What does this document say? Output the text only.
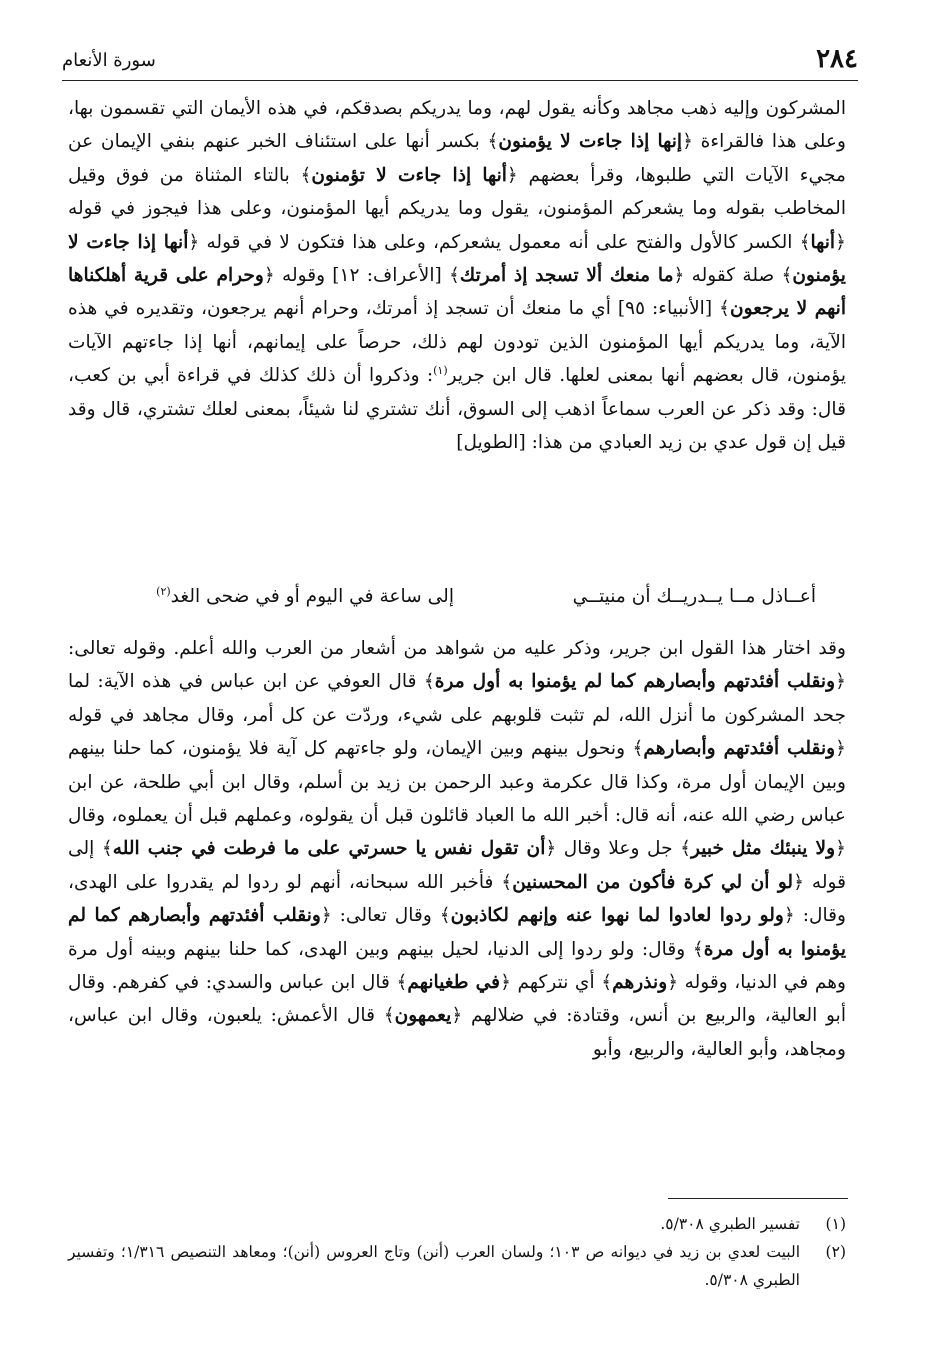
٢٨٤
سورة الأنعام
المشركون وإليه ذهب مجاهد وكأنه يقول لهم، وما يدريكم بصدقكم، في هذه الأيمان التي تقسمون بها، وعلى هذا فالقراءة ﴿إنها إذا جاءت لا يؤمنون﴾ بكسر أنها على استئناف الخبر عنهم بنفي الإيمان عن مجيء الآيات التي طلبوها، وقرأ بعضهم ﴿أنها إذا جاءت لا تؤمنون﴾ بالتاء المثناة من فوق وقيل المخاطب بقوله وما يشعركم المؤمنون، يقول وما يدريكم أيها المؤمنون، وعلى هذا فيجوز في قوله ﴿أنها﴾ الكسر كالأول والفتح على أنه معمول يشعركم، وعلى هذا فتكون لا في قوله ﴿أنها إذا جاءت لا يؤمنون﴾ صلة كقوله ﴿ما منعك ألا تسجد إذ أمرتك﴾ [الأعراف: ١٢] وقوله ﴿وحرام على قرية أهلكناها أنهم لا يرجعون﴾ [الأنبياء: ٩٥] أي ما منعك أن تسجد إذ أمرتك، وحرام أنهم يرجعون، وتقديره في هذه الآية، وما يدريكم أيها المؤمنون الذين تودون لهم ذلك، حرصاً على إيمانهم، أنها إذا جاءتهم الآيات يؤمنون، قال بعضهم أنها بمعنى لعلها. قال ابن جرير$^{(١)}$: وذكروا أن ذلك كذلك في قراءة أبي بن كعب، قال: وقد ذكر عن العرب سماعاً اذهب إلى السوق، أنك تشتري لنا شيئاً، بمعنى لعلك تشتري، قال وقد قيل إن قول عدي بن زيد العبادي من هذا: [الطويل]
أعــاذل مــا يــدريــك أن منيتــي
إلى ساعة في اليوم أو في ضحى الغد$^{(٢)}$
وقد اختار هذا القول ابن جرير، وذكر عليه من شواهد من أشعار من العرب والله أعلم. وقوله تعالى: ﴿ونقلب أفئدتهم وأبصارهم كما لم يؤمنوا به أول مرة﴾ قال العوفي عن ابن عباس في هذه الآية: لما جحد المشركون ما أنزل الله، لم تثبت قلوبهم على شيء، وردّت عن كل أمر، وقال مجاهد في قوله ﴿ونقلب أفئدتهم وأبصارهم﴾ ونحول بينهم وبين الإيمان، ولو جاءتهم كل آية فلا يؤمنون، كما حلنا بينهم وبين الإيمان أول مرة، وكذا قال عكرمة وعبد الرحمن بن زيد بن أسلم، وقال ابن أبي طلحة، عن ابن عباس رضي الله عنه، أنه قال: أخبر الله ما العباد قائلون قبل أن يقولوه، وعملهم قبل أن يعملوه، وقال ﴿ولا ينبئك مثل خبير﴾ جل وعلا وقال ﴿أن تقول نفس يا حسرتي على ما فرطت في جنب الله﴾ إلى قوله ﴿لو أن لي كرة فأكون من المحسنين﴾ فأخبر الله سبحانه، أنهم لو ردوا لم يقدروا على الهدى، وقال: ﴿ولو ردوا لعادوا لما نهوا عنه وإنهم لكاذبون﴾ وقال تعالى: ﴿ونقلب أفئدتهم وأبصارهم كما لم يؤمنوا به أول مرة﴾ وقال: ولو ردوا إلى الدنيا، لحيل بينهم وبين الهدى، كما حلنا بينهم وبينه أول مرة وهم في الدنيا، وقوله ﴿ونذرهم﴾ أي نتركهم ﴿في طغيانهم﴾ قال ابن عباس والسدي: في كفرهم. وقال أبو العالية، والربيع بن أنس، وقتادة: في ضلالهم ﴿يعمهون﴾ قال الأعمش: يلعبون، وقال ابن عباس، ومجاهد، وأبو العالية، والربيع، وأبو
(١)
تفسير الطبري ٥/٣٠٨.
(٢)
البيت لعدي بن زيد في ديوانه ص ١٠٣؛ ولسان العرب (أنن) وتاج العروس (أنن)؛ ومعاهد التنصيص ١/٣١٦؛ وتفسير الطبري ٥/٣٠٨.
